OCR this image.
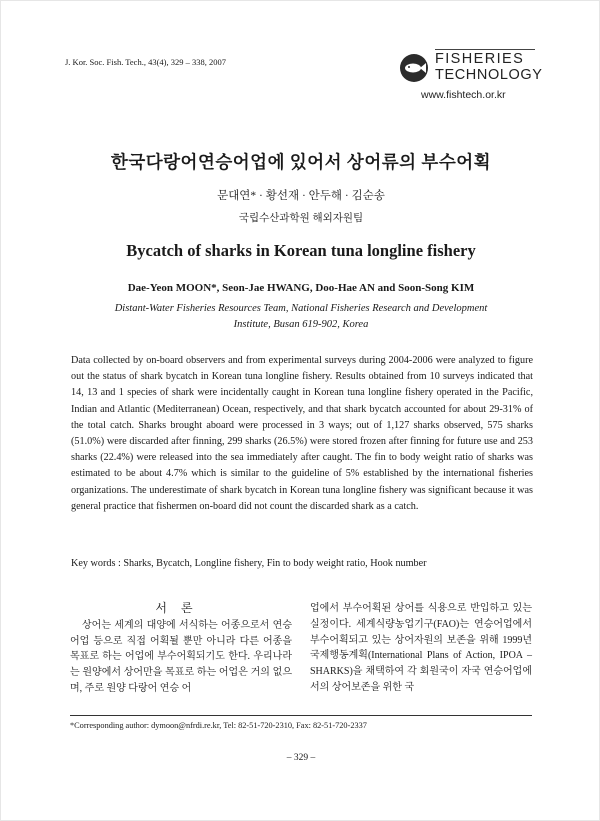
J. Kor. Soc. Fish. Tech., 43(4), 329 – 338, 2007	FISHERIES
TECHNOLOGY
www.fishtech.or.kr
한국다랑어연승어업에 있어서 상어류의 부수어획
문대연* · 황선재 · 안두해 · 김순송
국립수산과학원 해외자원팀
Bycatch of sharks in Korean tuna longline fishery
Dae-Yeon MOON*, Seon-Jae HWANG, Doo-Hae AN and Soon-Song KIM
Distant-Water Fisheries Resources Team, National Fisheries Research and Development
Institute, Busan 619-902, Korea

Data collected by on-board observers and from experimental surveys during 2004-2006 were analyzed to figure out the status of shark bycatch in Korean tuna longline fishery. Results obtained from 10 surveys indicated that 14, 13 and 1 species of shark were incidentally caught in Korean tuna longline fishery operated in the Pacific, Indian and Atlantic (Mediterranean) Ocean, respectively, and that shark bycatch accounted for about 29-31% of the total catch. Sharks brought aboard were processed in 3 ways; out of 1,127 sharks observed, 575 sharks (51.0%) were discarded after finning, 299 sharks (26.5%) were stored frozen after finning for future use and 253 sharks (22.4%) were released into the sea immediately after caught. The fin to body weight ratio of sharks was estimated to be about 4.7% which is similar to the guideline of 5% established by the international fisheries organizations. The underestimate of shark bycatch in Korean tuna longline fishery was significant because it was general practice that fishermen on-board did not count the discarded shark as a catch.

Key words : Sharks, Bycatch, Longline fishery, Fin to body weight ratio, Hook number
서론

상어는 세계의 대양에 서식하는 어종으로서 연승어업 등으로 직접 어획될 뿐만 아니라 다른 어종을 목표로 하는 어업에 부수어획되기도 한다. 우리나라는 원양에서 상어만을 목표로 하는 어업은 거의 없으며, 주로 원양 다랑어 연승 어

업에서 부수어획된 상어를 식용으로 반입하고 있는 실정이다. 세계식량농업기구(FAO)는 연승어업에서 부수어획되고 있는 상어자원의 보존을 위해 1999년 국제행동계획(International Plans of Action, IPOA – SHARKS)을 채택하여 각 회원국이 자국 연승어업에서의 상어보존을 위한 국

*Corresponding author: dymoon@nfrdi.re.kr, Tel: 82-51-720-2310, Fax: 82-51-720-2337
– 329 –
